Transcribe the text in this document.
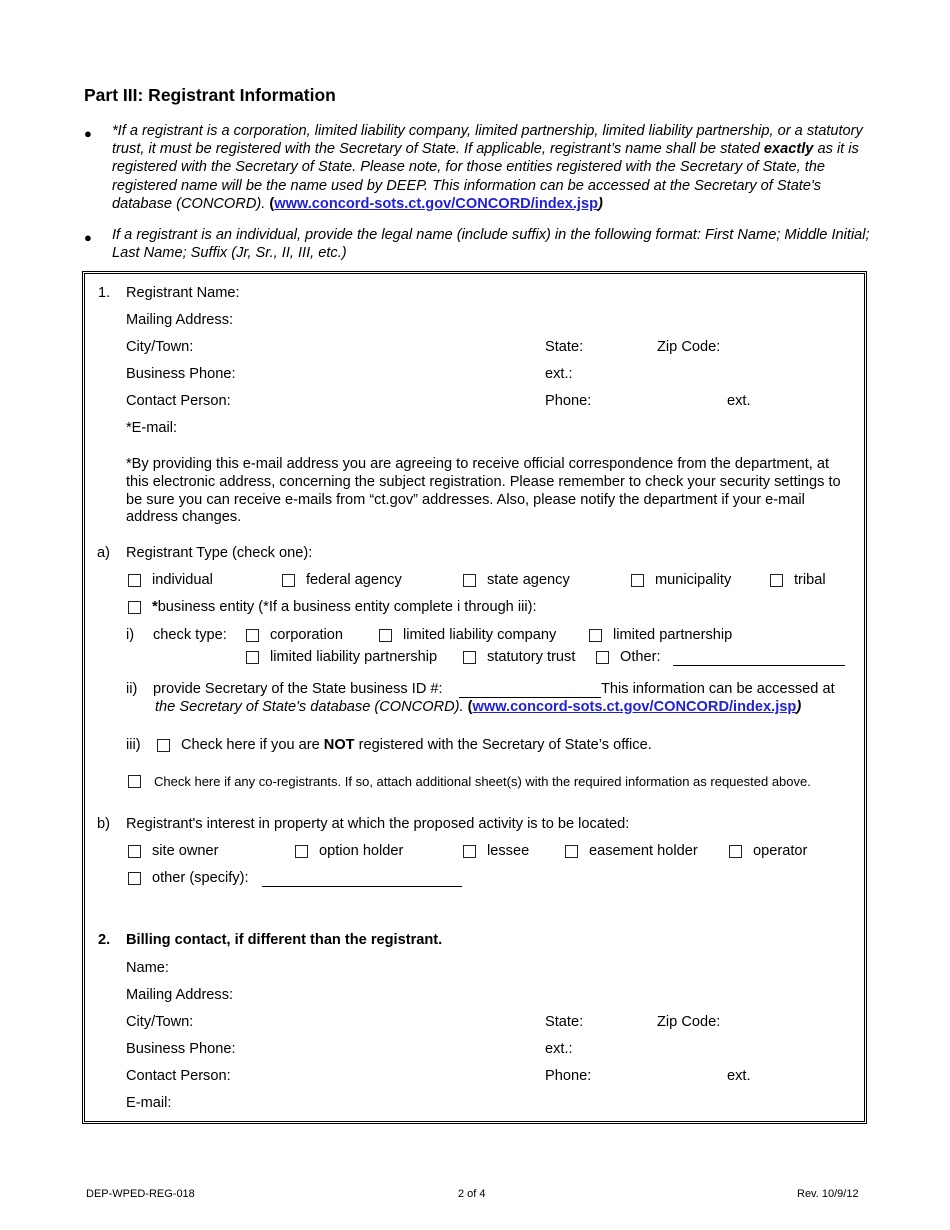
Part III: Registrant Information
● *If a registrant is a corporation, limited liability company, limited partnership, limited liability partnership, or a statutory trust, it must be registered with the Secretary of State. If applicable, registrant’s name shall be stated exactly as it is registered with the Secretary of State. Please note, for those entities registered with the Secretary of State, the registered name will be the name used by DEEP. This information can be accessed at the Secretary of State's database (CONCORD). (www.concord-sots.ct.gov/CONCORD/index.jsp)
● If a registrant is an individual, provide the legal name (include suffix) in the following format: First Name; Middle Initial; Last Name; Suffix (Jr, Sr., II, III, etc.)
1. Registrant Name:
Mailing Address:
City/Town:	State:	Zip Code:
Business Phone:	ext.:
Contact Person:	Phone:	ext.
*E-mail:
*By providing this e-mail address you are agreeing to receive official correspondence from the department, at this electronic address, concerning the subject registration. Please remember to check your security settings to be sure you can receive e-mails from “ct.gov” addresses. Also, please notify the department if your e-mail address changes.
a) Registrant Type (check one):
individual	federal agency	state agency	municipality	tribal
*business entity (*If a business entity complete i through iii):
i) check type:	corporation	limited liability company	limited partnership
limited liability partnership	statutory trust	Other:
ii) provide Secretary of the State business ID #:	This information can be accessed at
the Secretary of State's database (CONCORD). (www.concord-sots.ct.gov/CONCORD/index.jsp)
iii)	Check here if you are NOT registered with the Secretary of State’s office.
Check here if any co-registrants. If so, attach additional sheet(s) with the required information as requested above.
b) Registrant's interest in property at which the proposed activity is to be located:
site owner	option holder	lessee	easement holder	operator
other (specify):
2. Billing contact, if different than the registrant.
Name:
Mailing Address:
City/Town:	State:	Zip Code:
Business Phone:	ext.:
Contact Person:	Phone:	ext.
E-mail:
DEP-WPED-REG-018	2 of 4	Rev. 10/9/12
